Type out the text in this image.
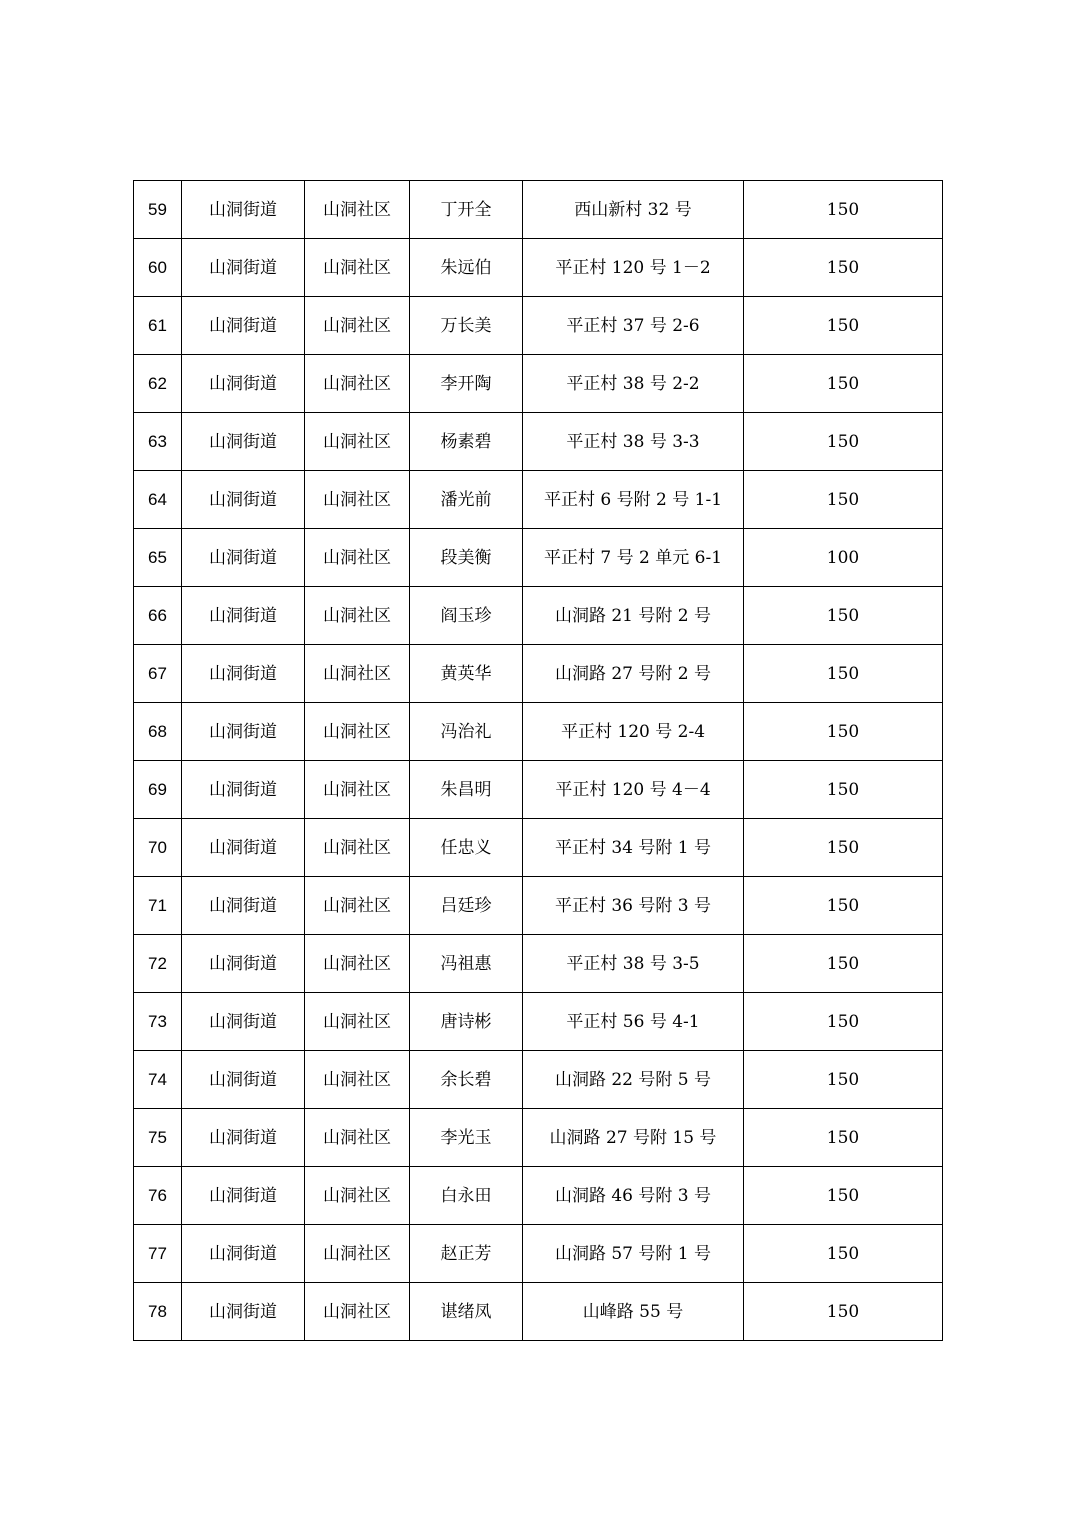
59	山洞街道	山洞社区	丁开全	西山新村 32 号	150
60	山洞街道	山洞社区	朱远伯	平正村 120 号 1－2	150
61	山洞街道	山洞社区	万长美	平正村 37 号 2-6	150
62	山洞街道	山洞社区	李开陶	平正村 38 号 2-2	150
63	山洞街道	山洞社区	杨素碧	平正村 38 号 3-3	150
64	山洞街道	山洞社区	潘光前	平正村 6 号附 2 号 1-1	150
65	山洞街道	山洞社区	段美衡	平正村 7 号 2 单元 6-1	100
66	山洞街道	山洞社区	阎玉珍	山洞路 21 号附 2 号	150
67	山洞街道	山洞社区	黄英华	山洞路 27 号附 2 号	150
68	山洞街道	山洞社区	冯治礼	平正村 120 号 2-4	150
69	山洞街道	山洞社区	朱昌明	平正村 120 号 4－4	150
70	山洞街道	山洞社区	任忠义	平正村 34 号附 1 号	150
71	山洞街道	山洞社区	吕廷珍	平正村 36 号附 3 号	150
72	山洞街道	山洞社区	冯祖惠	平正村 38 号 3-5	150
73	山洞街道	山洞社区	唐诗彬	平正村 56 号 4-1	150
74	山洞街道	山洞社区	余长碧	山洞路 22 号附 5 号	150
75	山洞街道	山洞社区	李光玉	山洞路 27 号附 15 号	150
76	山洞街道	山洞社区	白永田	山洞路 46 号附 3 号	150
77	山洞街道	山洞社区	赵正芳	山洞路 57 号附 1 号	150
78	山洞街道	山洞社区	谌绪凤	山峰路 55 号	150
